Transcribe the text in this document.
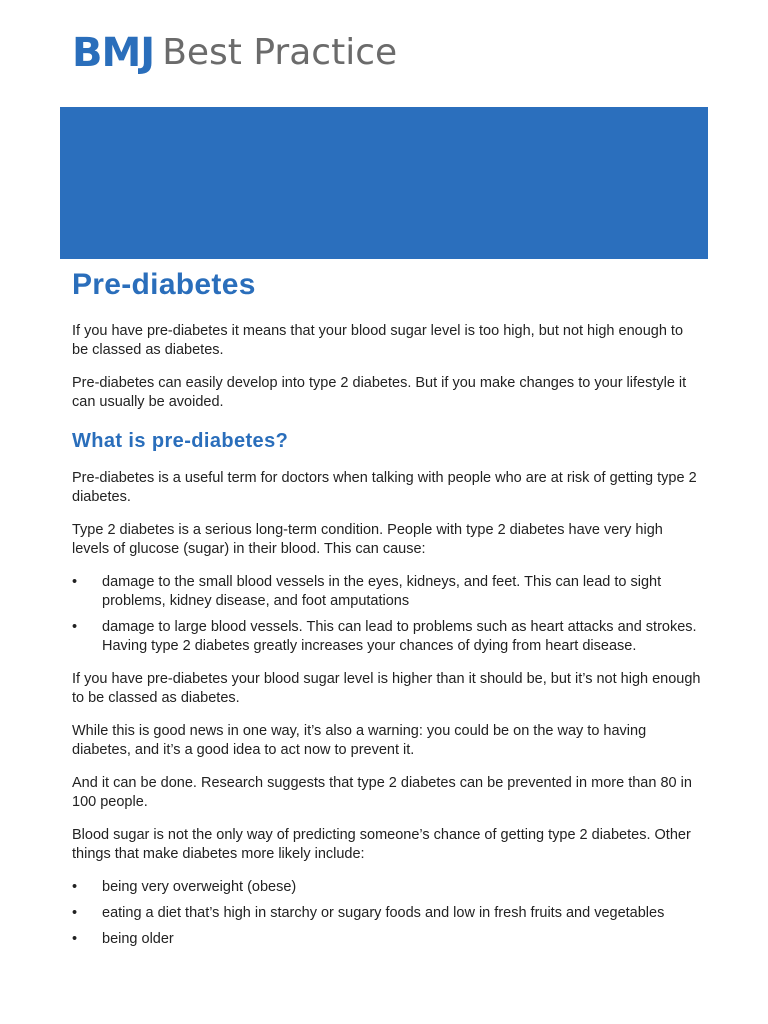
BMJ Best Practice
Pre-diabetes

If you have pre-diabetes it means that your blood sugar level is too high, but not high enough to be classed as diabetes.

Pre-diabetes can easily develop into type 2 diabetes. But if you make changes to your lifestyle it can usually be avoided.

What is pre-diabetes?

Pre-diabetes is a useful term for doctors when talking with people who are at risk of getting type 2 diabetes.

Type 2 diabetes is a serious long-term condition. People with type 2 diabetes have very high levels of glucose (sugar) in their blood. This can cause:

• damage to the small blood vessels in the eyes, kidneys, and feet. This can lead to sight problems, kidney disease, and foot amputations
• damage to large blood vessels. This can lead to problems such as heart attacks and strokes. Having type 2 diabetes greatly increases your chances of dying from heart disease.

If you have pre-diabetes your blood sugar level is higher than it should be, but it’s not high enough to be classed as diabetes.

While this is good news in one way, it’s also a warning: you could be on the way to having diabetes, and it’s a good idea to act now to prevent it.

And it can be done. Research suggests that type 2 diabetes can be prevented in more than 80 in 100 people.

Blood sugar is not the only way of predicting someone’s chance of getting type 2 diabetes. Other things that make diabetes more likely include:

• being very overweight (obese)
• eating a diet that’s high in starchy or sugary foods and low in fresh fruits and vegetables
• being older
